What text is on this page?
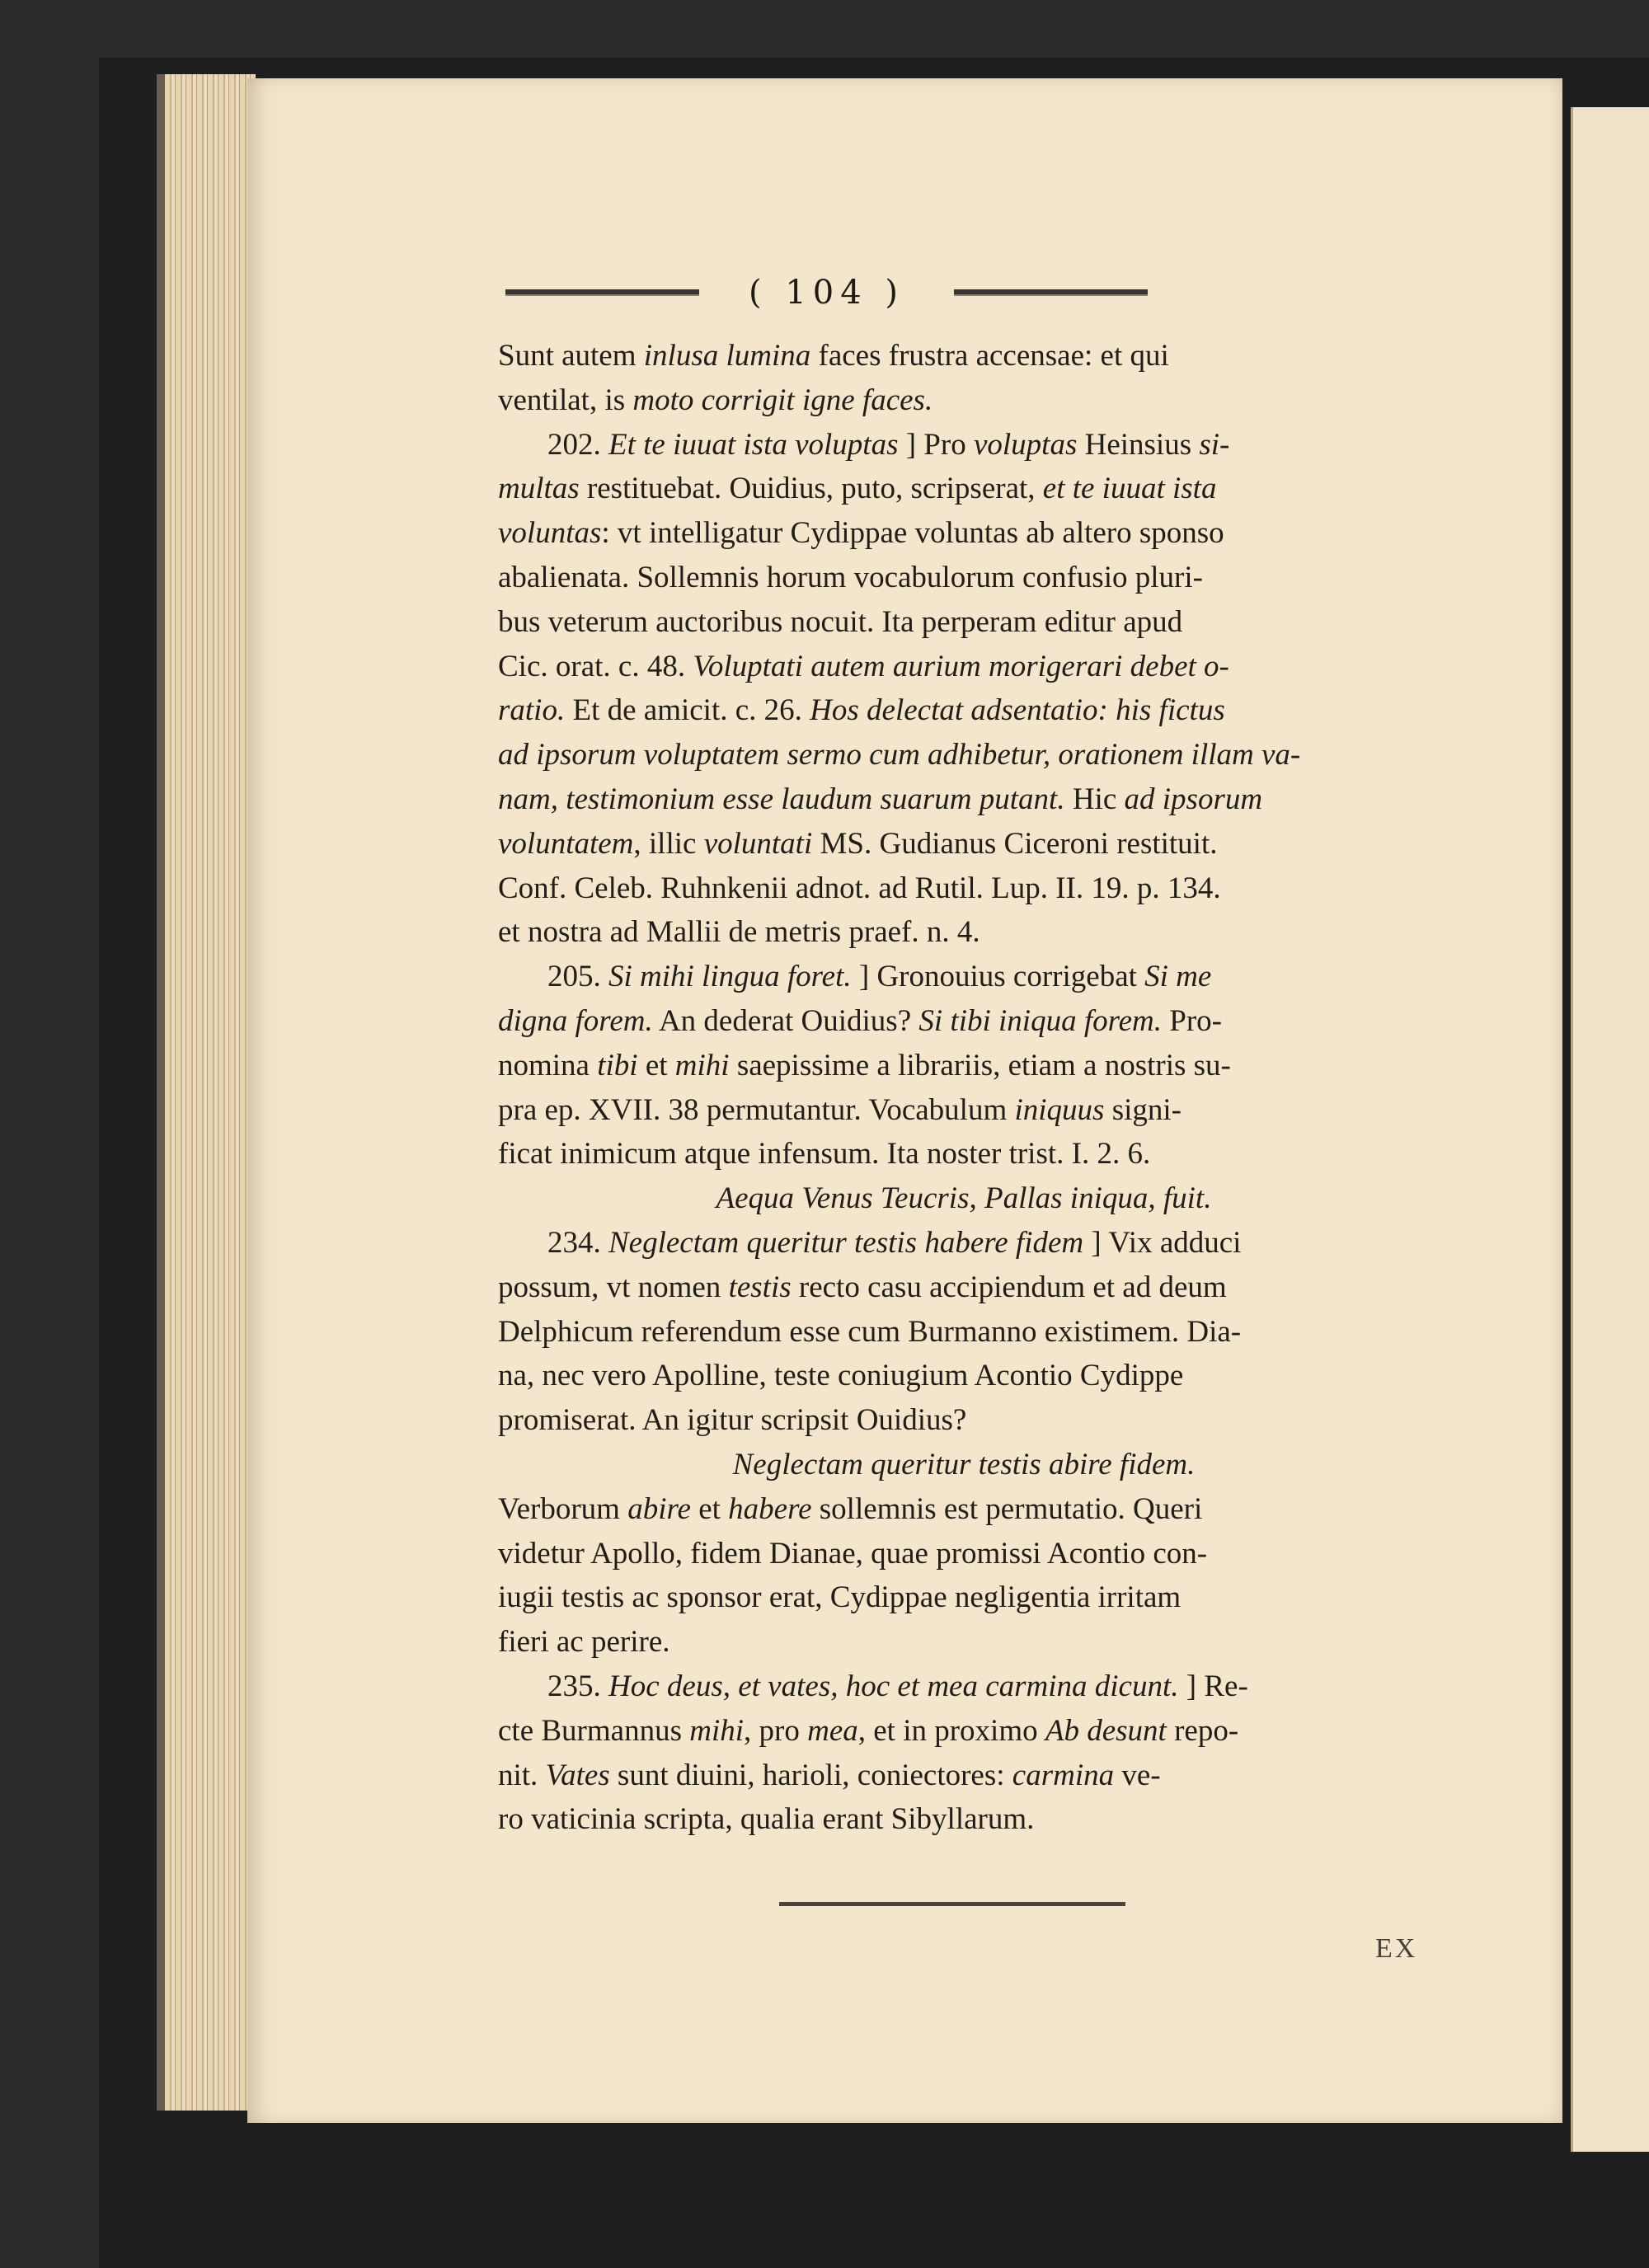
( 104 )

Sunt autem inlusa lumina faces frustra accensae: et qui

ventilat, is moto corrigit igne faces.

202. Et te iuuat ista voluptas ] Pro voluptas Heinsius si-

multas restituebat. Ouidius, puto, scripserat, et te iuuat ista

voluntas: vt intelligatur Cydippae voluntas ab altero sponso

abalienata. Sollemnis horum vocabulorum confusio pluri-

bus veterum auctoribus nocuit. Ita perperam editur apud

Cic. orat. c. 48. Voluptati autem aurium morigerari debet o-

ratio. Et de amicit. c. 26. Hos delectat adsentatio: his fictus

ad ipsorum voluptatem sermo cum adhibetur, orationem illam va-

nam, testimonium esse laudum suarum putant. Hic ad ipsorum

voluntatem, illic voluntati MS. Gudianus Ciceroni restituit.

Conf. Celeb. Ruhnkenii adnot. ad Rutil. Lup. II. 19. p. 134.

et nostra ad Mallii de metris praef. n. 4.

205. Si mihi lingua foret. ] Gronouius corrigebat Si me

digna forem. An dederat Ouidius? Si tibi iniqua forem. Pro-

nomina tibi et mihi saepissime a librariis, etiam a nostris su-

pra ep. XVII. 38 permutantur. Vocabulum iniquus signi-

ficat inimicum atque infensum. Ita noster trist. I. 2. 6.

Aequa Venus Teucris, Pallas iniqua, fuit.

234. Neglectam queritur testis habere fidem ] Vix adduci

possum, vt nomen testis recto casu accipiendum et ad deum

Delphicum referendum esse cum Burmanno existimem. Dia-

na, nec vero Apolline, teste coniugium Acontio Cydippe

promiserat. An igitur scripsit Ouidius?

Neglectam queritur testis abire fidem.

Verborum abire et habere sollemnis est permutatio. Queri

videtur Apollo, fidem Dianae, quae promissi Acontio con-

iugii testis ac sponsor erat, Cydippae negligentia irritam

fieri ac perire.

235. Hoc deus, et vates, hoc et mea carmina dicunt. ] Re-

cte Burmannus mihi, pro mea, et in proximo Ab desunt repo-

nit. Vates sunt diuini, harioli, coniectores: carmina ve-

ro vaticinia scripta, qualia erant Sibyllarum.

EX
